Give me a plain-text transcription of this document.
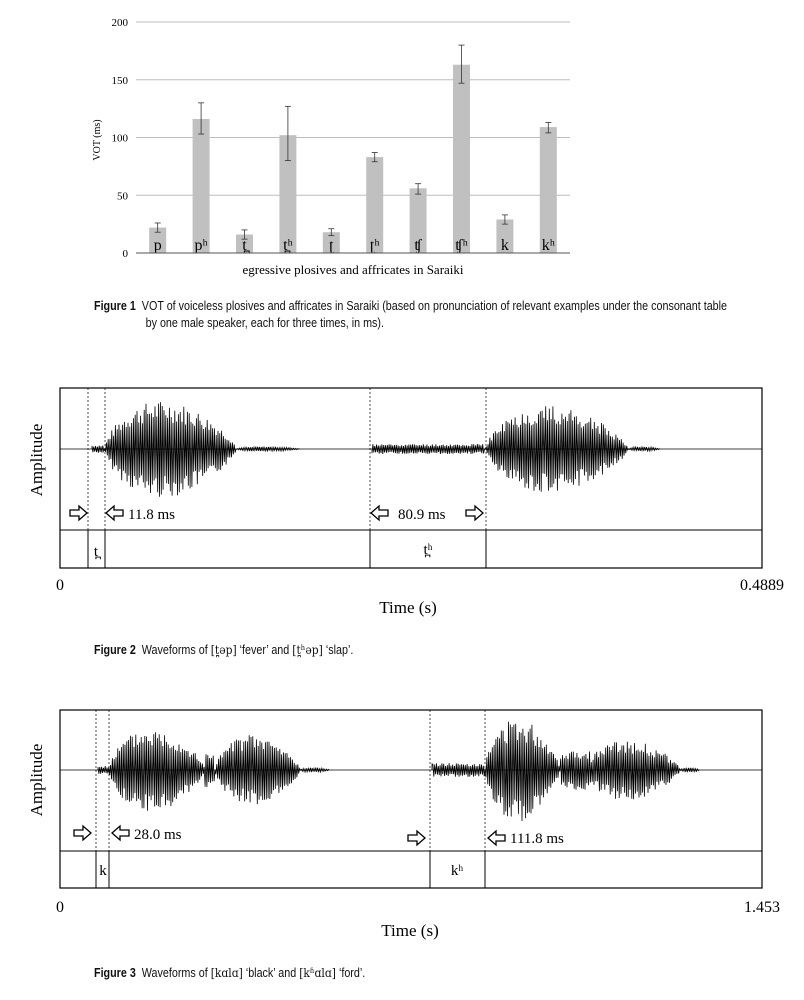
0
50
100
150
200
p pʰ t̪ t̪ʰ ʈ ʈʰ ʧ ʧʰ k kʰ
VOT (ms)
egressive plosives and affricates in Saraiki
Figure 1 VOT of voiceless plosives and affricates in Saraiki (based on pronunciation of relevant examples under the consonant table
by one male speaker, each for three times, in ms).
11.8 ms	80.9 ms
t̪	t̪ʰ
Amplitude
0	0.4889
Time (s)
Figure 2 Waveforms of [t̪əp] ‘fever’ and [t̪ʰəp] ‘slap’.
28.0 ms	111.8 ms
k	kʰ
Amplitude
0	1.453
Time (s)
Figure 3 Waveforms of [kɑlɑ] ‘black’ and [kʱɑlɑ] ‘ford’.
